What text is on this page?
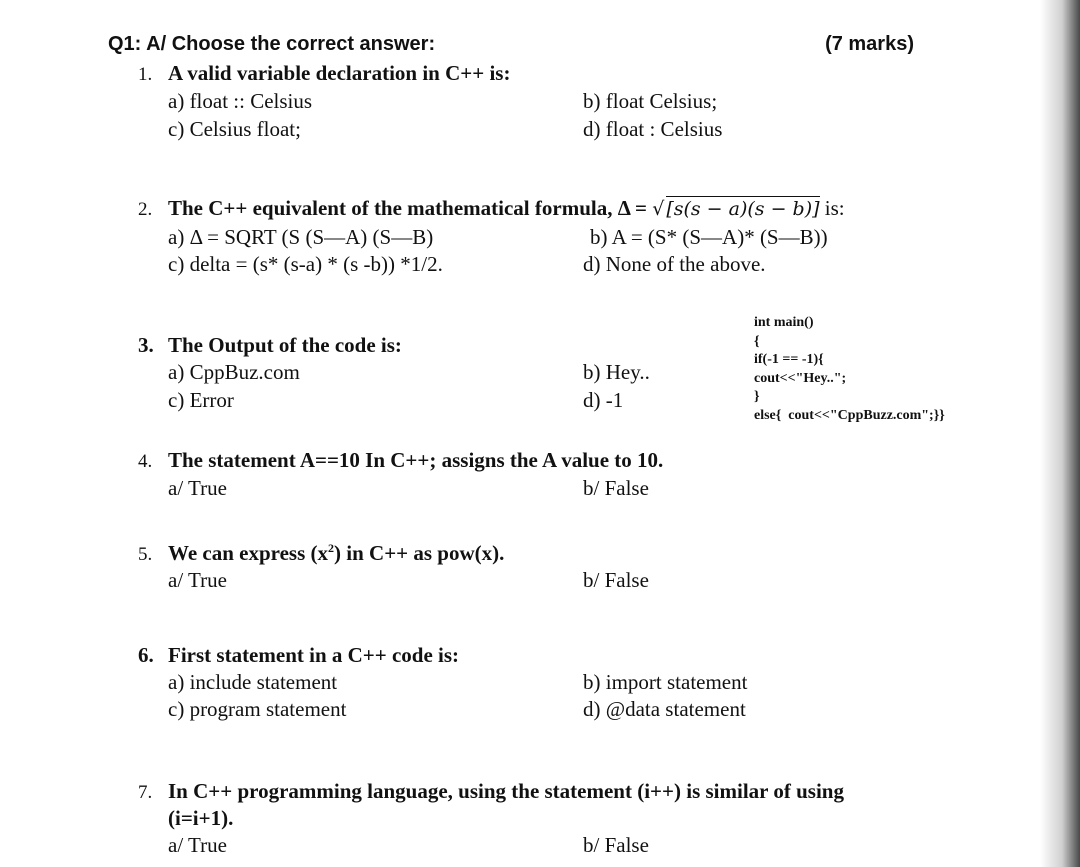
Q1: A/ Choose the correct answer:	(7 marks)
1. A valid variable declaration in C++ is:
a) float :: Celsius	b) float Celsius;
c) Celsius float;	d) float : Celsius
2. The C++ equivalent of the mathematical formula, Δ = √ [s(s − a)(s − b)] is:
a) Δ = SQRT (S (S—A) (S—B)	b) A = (S* (S—A)* (S—B))
c) delta = (s* (s-a) * (s -b)) *1/2.	d) None of the above.
3. The Output of the code is:
a) CppBuz.com	b) Hey..
c) Error	d) -1
int main()
{
if(-1 == -1){
cout<<"Hey..";
}
else{  cout<<"CppBuzz.com";}}
4. The statement A==10 In C++; assigns the A value to 10.
a/ True	b/ False
5. We can express $(x^2)$ in C++ as pow(x).
a/ True	b/ False
6. First statement in a C++ code is:
a) include statement	b) import statement
c) program statement	d) @data statement
7. In C++ programming language, using the statement (i++) is similar of using
(i=i+1).
a/ True	b/ False
